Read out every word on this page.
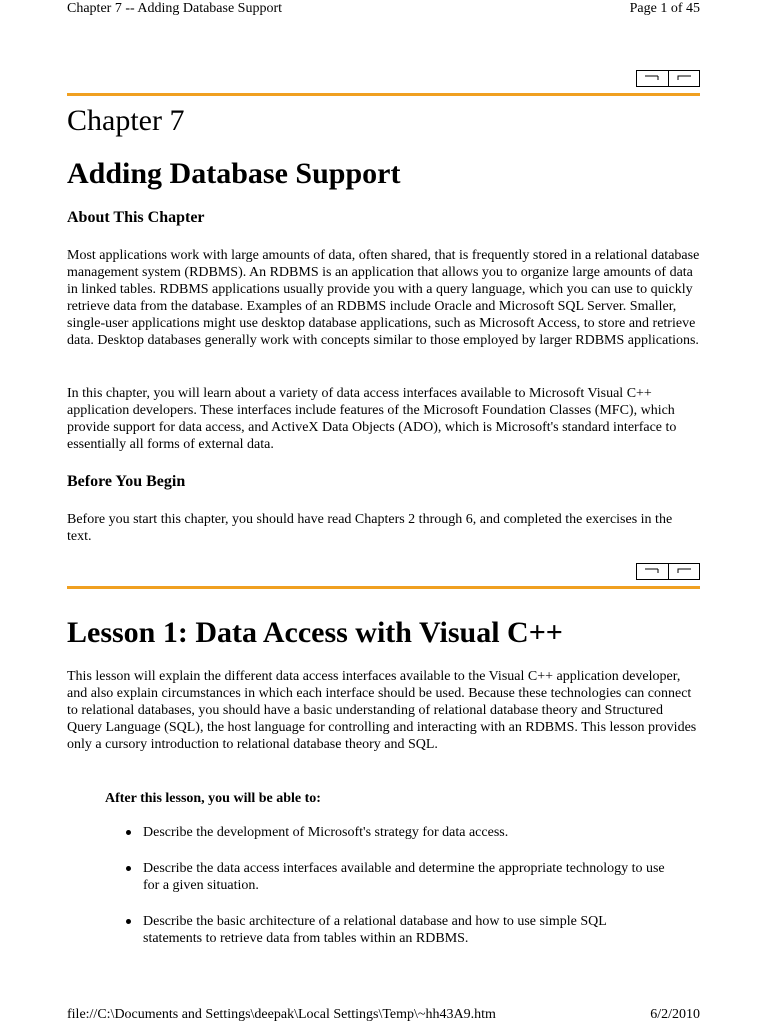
Chapter 7 -- Adding Database Support	Page 1 of 45
Chapter 7
Adding Database Support
About This Chapter
Most applications work with large amounts of data, often shared, that is frequently stored in a relational database management system (RDBMS). An RDBMS is an application that allows you to organize large amounts of data in linked tables. RDBMS applications usually provide you with a query language, which you can use to quickly retrieve data from the database. Examples of an RDBMS include Oracle and Microsoft SQL Server. Smaller, single-user applications might use desktop database applications, such as Microsoft Access, to store and retrieve data. Desktop databases generally work with concepts similar to those employed by larger RDBMS applications.
In this chapter, you will learn about a variety of data access interfaces available to Microsoft Visual C++ application developers. These interfaces include features of the Microsoft Foundation Classes (MFC), which provide support for data access, and ActiveX Data Objects (ADO), which is Microsoft's standard interface to essentially all forms of external data.
Before You Begin
Before you start this chapter, you should have read Chapters 2 through 6, and completed the exercises in the text.
Lesson 1: Data Access with Visual C++
This lesson will explain the different data access interfaces available to the Visual C++ application developer, and also explain circumstances in which each interface should be used. Because these technologies can connect to relational databases, you should have a basic understanding of relational database theory and Structured Query Language (SQL), the host language for controlling and interacting with an RDBMS. This lesson provides only a cursory introduction to relational database theory and SQL.
After this lesson, you will be able to:
Describe the development of Microsoft's strategy for data access.
Describe the data access interfaces available and determine the appropriate technology to use for a given situation.
Describe the basic architecture of a relational database and how to use simple SQL statements to retrieve data from tables within an RDBMS.
file://C:\Documents and Settings\deepak\Local Settings\Temp\~hh43A9.htm	6/2/2010
